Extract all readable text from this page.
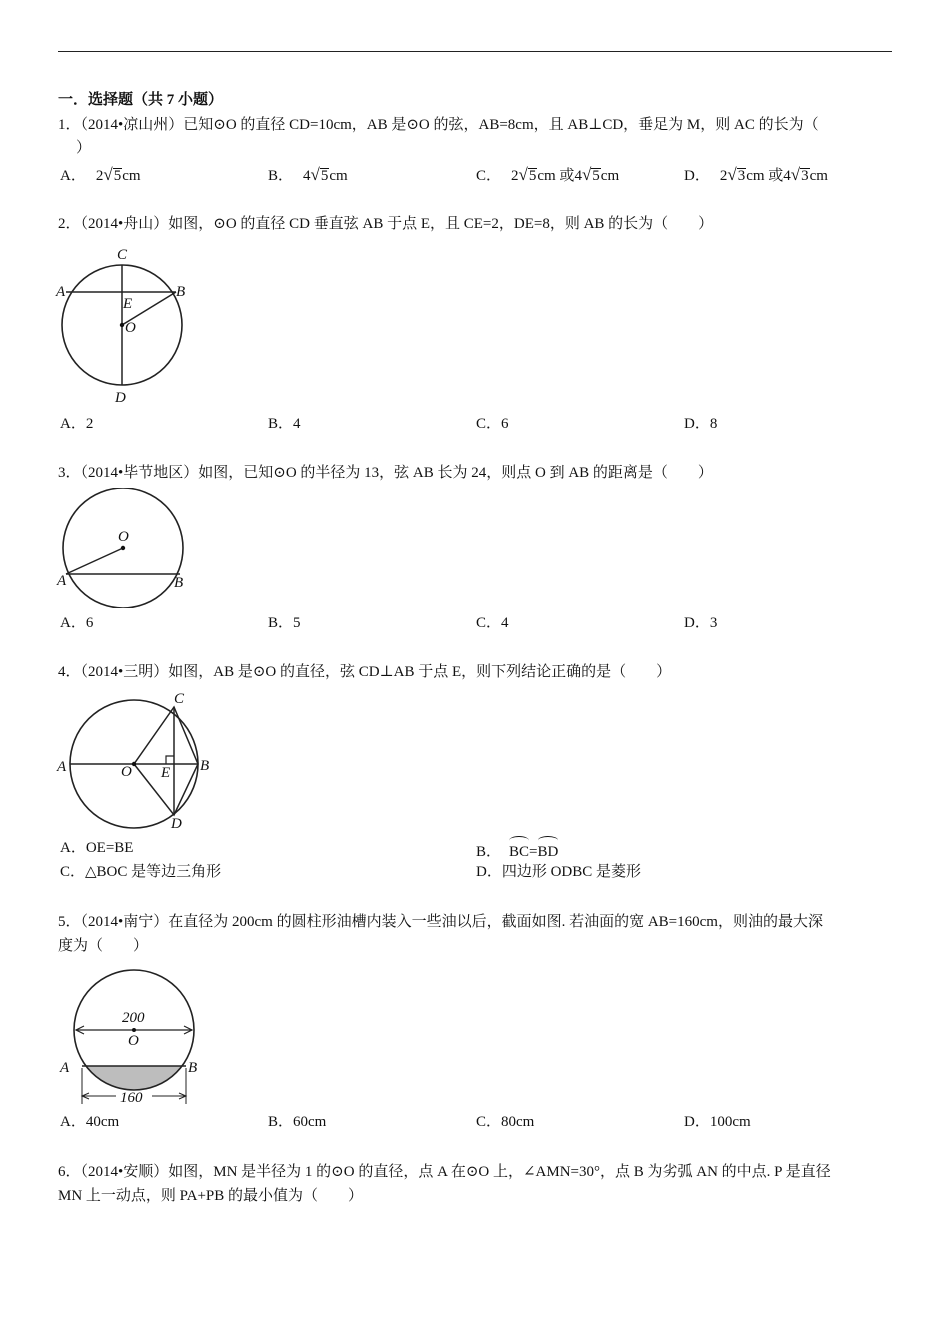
一．选择题（共 7 小题）
1．（2014•凉山州）已知⊙O 的直径 CD=10cm，AB 是⊙O 的弦，AB=8cm，且 AB⊥CD，垂足为 M，则 AC 的长为（
）
A． 2√5cm	B． 4√5cm	C． 2√5cm 或4√5cm	D． 2√3cm 或4√3cm
2．（2014•舟山）如图，⊙O 的直径 CD 垂直弦 AB 于点 E，且 CE=2，DE=8，则 AB 的长为（　　）
C
A	B
E
O
D
A．2	B．4	C．6	D．8
3．（2014•毕节地区）如图，已知⊙O 的半径为 13，弦 AB 长为 24，则点 O 到 AB 的距离是（　　）
O
A	B
A．6	B．5	C．4	D．3
4．（2014•三明）如图，AB 是⊙O 的直径，弦 CD⊥AB 于点 E，则下列结论正确的是（　　）
C
A	O E B
D
A．OE=BE	B． BC=BD
C．△BOC 是等边三角形	D．四边形 ODBC 是菱形
5．（2014•南宁）在直径为 200cm 的圆柱形油槽内装入一些油以后，截面如图. 若油面的宽 AB=160cm，则油的最大深
度为（　　）
200
O
A	B
160
A．40cm	B．60cm	C．80cm	D．100cm
6．（2014•安顺）如图，MN 是半径为 1 的⊙O 的直径，点 A 在⊙O 上，∠AMN=30°，点 B 为劣弧 AN 的中点. P 是直径
MN 上一动点，则 PA+PB 的最小值为（　　）
